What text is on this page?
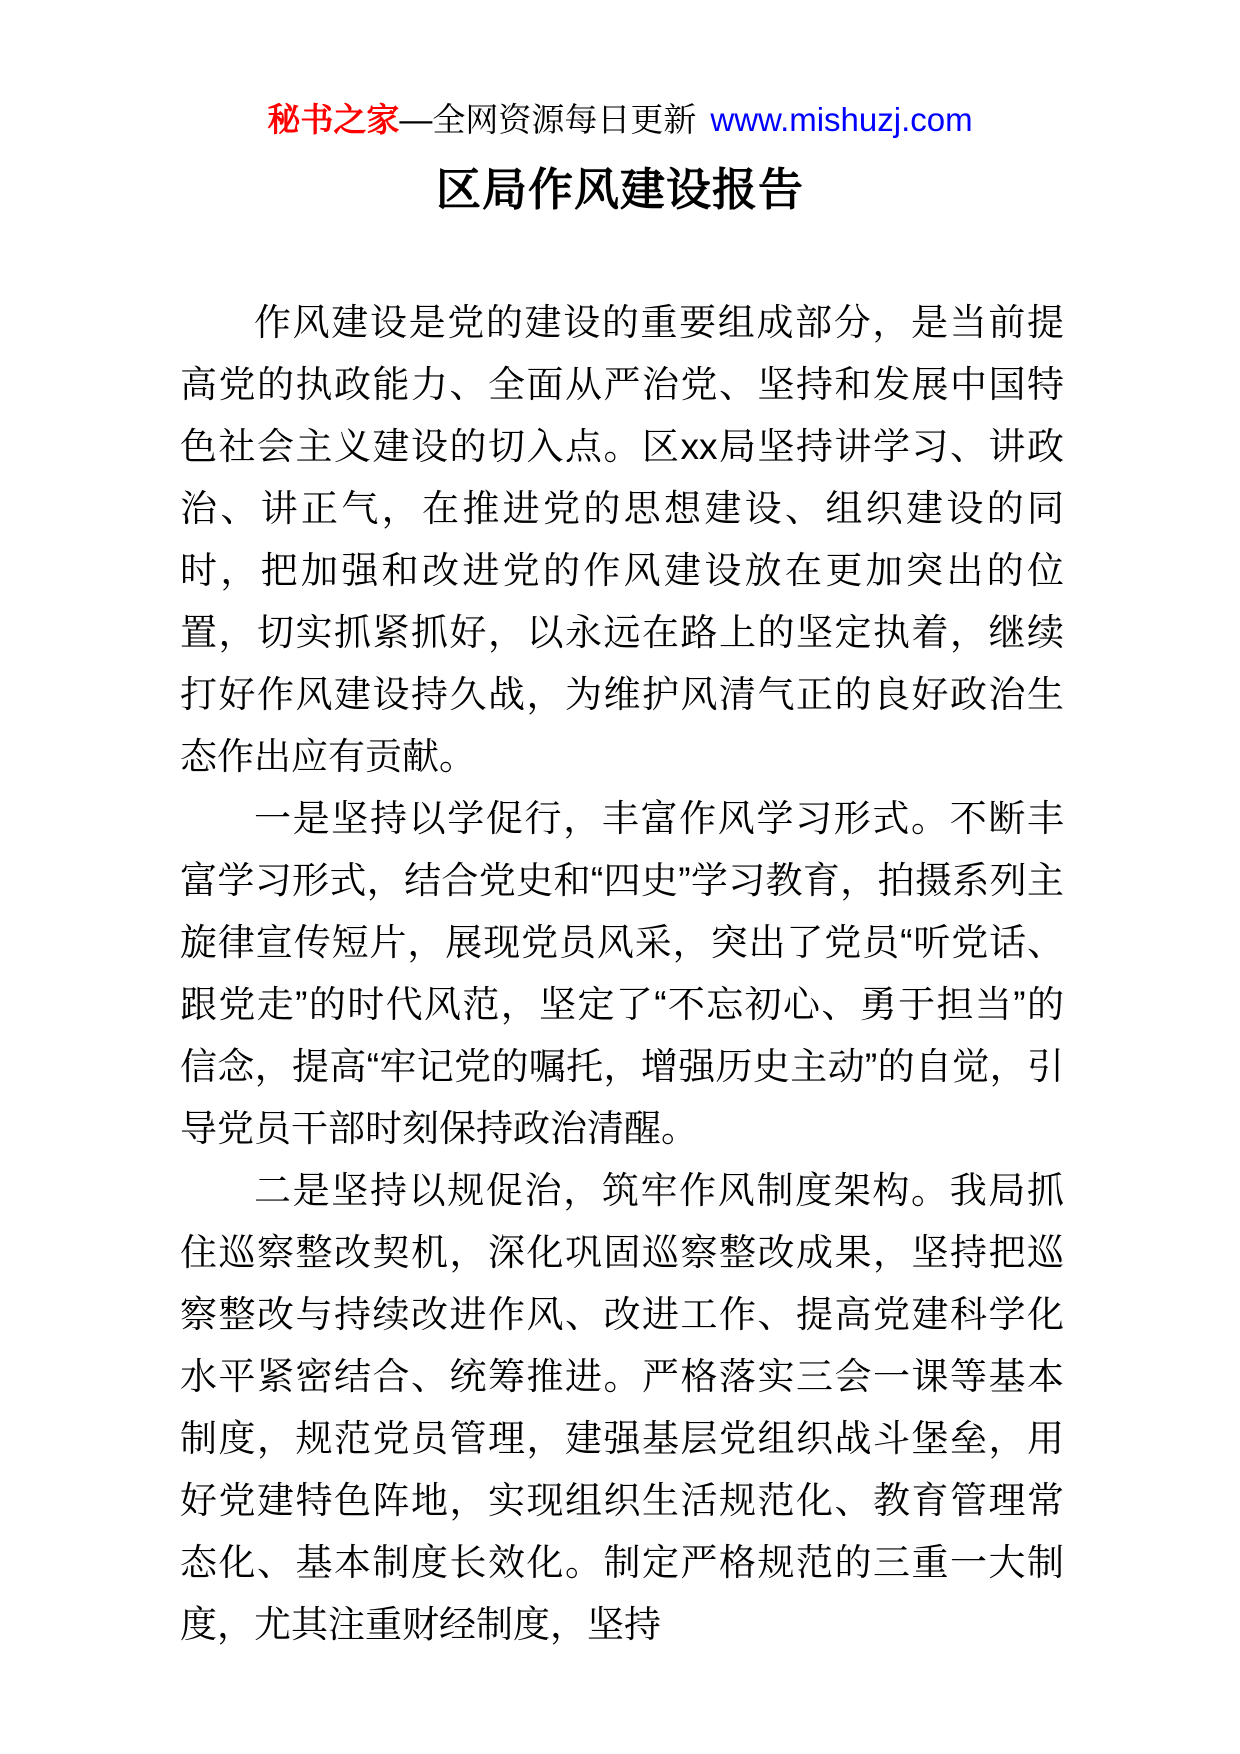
秘书之家—全网资源每日更新 www.mishuzj.com
区局作风建设报告

作风建设是党的建设的重要组成部分，是当前提高党的执政能力、全面从严治党、坚持和发展中国特色社会主义建设的切入点。区xx局坚持讲学习、讲政治、讲正气，在推进党的思想建设、组织建设的同时，把加强和改进党的作风建设放在更加突出的位置，切实抓紧抓好，以永远在路上的坚定执着，继续打好作风建设持久战，为维护风清气正的良好政治生态作出应有贡献。

一是坚持以学促行，丰富作风学习形式。不断丰富学习形式，结合党史和“四史”学习教育，拍摄系列主旋律宣传短片，展现党员风采，突出了党员“听党话、跟党走”的时代风范，坚定了“不忘初心、勇于担当”的信念，提高“牢记党的嘱托，增强历史主动”的自觉，引导党员干部时刻保持政治清醒。

二是坚持以规促治，筑牢作风制度架构。我局抓住巡察整改契机，深化巩固巡察整改成果，坚持把巡察整改与持续改进作风、改进工作、提高党建科学化水平紧密结合、统筹推进。严格落实三会一课等基本制度，规范党员管理，建强基层党组织战斗堡垒，用好党建特色阵地，实现组织生活规范化、教育管理常态化、基本制度长效化。制定严格规范的三重一大制度，尤其注重财经制度，坚持
